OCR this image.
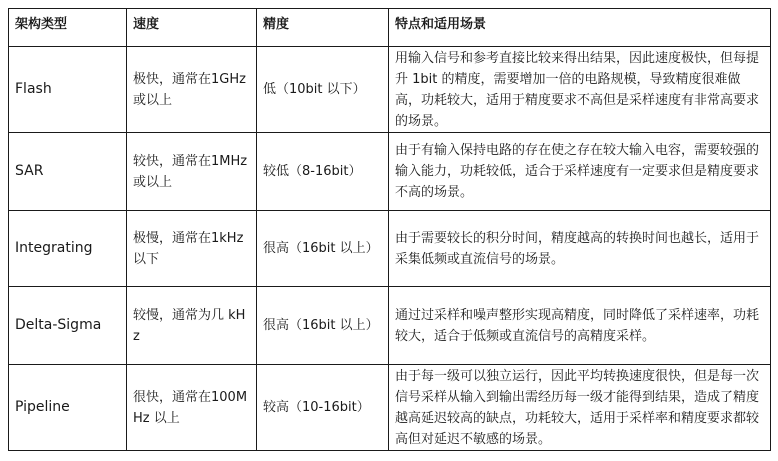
架构类型	速度	精度	特点和适用场景
Flash	极快，通常在1GHz 或以上	低（10bit 以下）	用输入信号和参考直接比较来得出结果，因此速度极快，但每提升 1bit 的精度，需要增加一倍的电路规模，导致精度很难做高，功耗较大，适用于精度要求不高但是采样速度有非常高要求的场景。
SAR	较快，通常在1MHz 或以上	较低（8-16bit）	由于有输入保持电路的存在使之存在较大输入电容，需要较强的输入能力，功耗较低，适合于采样速度有一定要求但是精度要求不高的场景。
Integrating	极慢，通常在1kHz 以下	很高（16bit 以上）	由于需要较长的积分时间，精度越高的转换时间也越长，适用于采集低频或直流信号的场景。
Delta-Sigma	较慢，通常为几 kHz	很高（16bit 以上）	通过过采样和噪声整形实现高精度，同时降低了采样速率，功耗较大，适合于低频或直流信号的高精度采样。
Pipeline	很快，通常在100MHz 以上	较高（10-16bit）	由于每一级可以独立运行，因此平均转换速度很快，但是每一次信号采样从输入到输出需经历每一级才能得到结果，造成了精度越高延迟较高的缺点，功耗较大，适用于采样率和精度要求都较高但对延迟不敏感的场景。
